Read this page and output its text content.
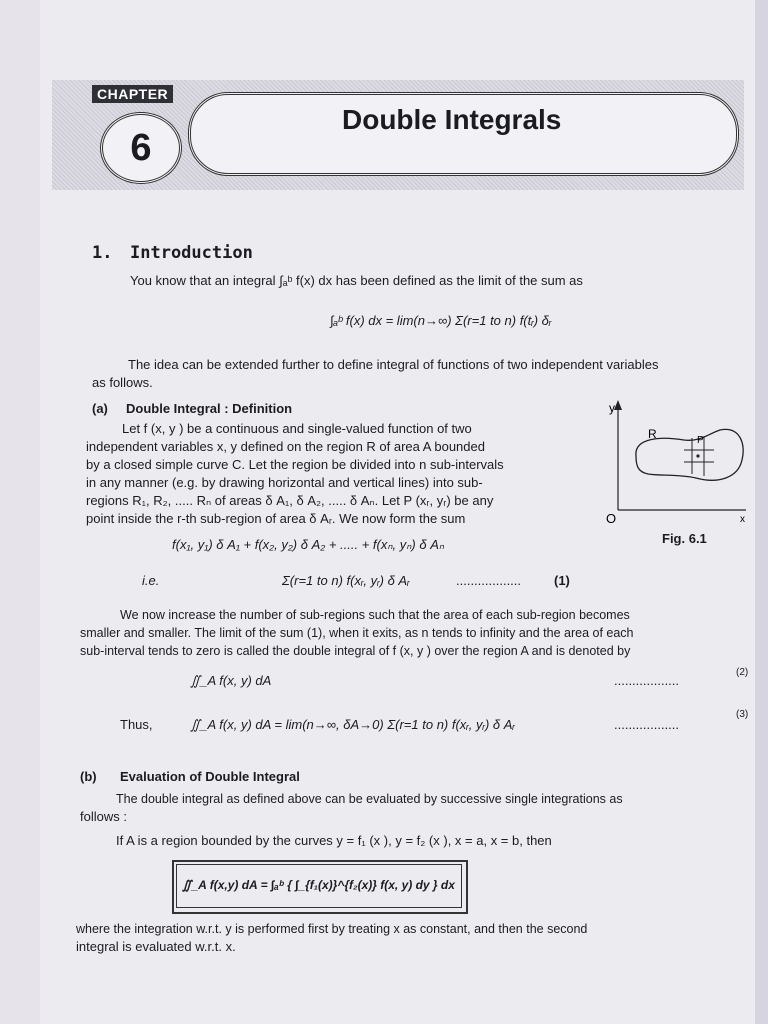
CHAPTER
6
Double Integrals
1. Introduction
You know that an integral ∫ₐᵇ f(x) dx has been defined as the limit of the sum as
∫ₐᵇ f(x) dx = lim(n→∞) Σ(r=1 to n) f(tᵣ) δᵣ
The idea can be extended further to define integral of functions of two independent variables
as follows.
(a) Double Integral : Definition
Let f (x, y ) be a continuous and single-valued function of two
independent variables x, y defined on the region R of area A bounded
by a closed simple curve C. Let the region be divided into n sub-intervals
in any manner (e.g. by drawing horizontal and vertical lines) into sub-
regions R₁, R₂, ..... Rₙ of areas δ A₁, δ A₂, ..... δ Aₙ. Let P (xᵣ, yᵣ) be any
point inside the r-th sub-region of area δ Aᵣ. We now form the sum
f(x₁, y₁) δ A₁ + f(x₂, y₂) δ A₂ + ..... + f(xₙ, yₙ) δ Aₙ
i.e.	Σ(r=1 to n) f(xᵣ, yᵣ) δ Aᵣ	..................	(1)
y
x
O
R	P
Fig. 6.1
We now increase the number of sub-regions such that the area of each sub-region becomes
smaller and smaller. The limit of the sum (1), when it exits, as n tends to infinity and the area of each
sub-interval tends to zero is called the double integral of f (x, y ) over the region A and is denoted by
∬_A f(x, y) dA	..................
(2)
Thus,	∬_A f(x, y) dA = lim(n→∞, δA→0) Σ(r=1 to n) f(xᵣ, yᵣ) δ Aᵣ	..................
(3)
(b) Evaluation of Double Integral
The double integral as defined above can be evaluated by successive single integrations as
follows :
If A is a region bounded by the curves y = f₁ (x ), y = f₂ (x ), x = a, x = b, then
∬_A f(x,y) dA = ∫ₐᵇ { ∫_{f₁(x)}^{f₂(x)} f(x, y) dy } dx
where the integration w.r.t. y is performed first by treating x as constant, and then the second
integral is evaluated w.r.t. x.
